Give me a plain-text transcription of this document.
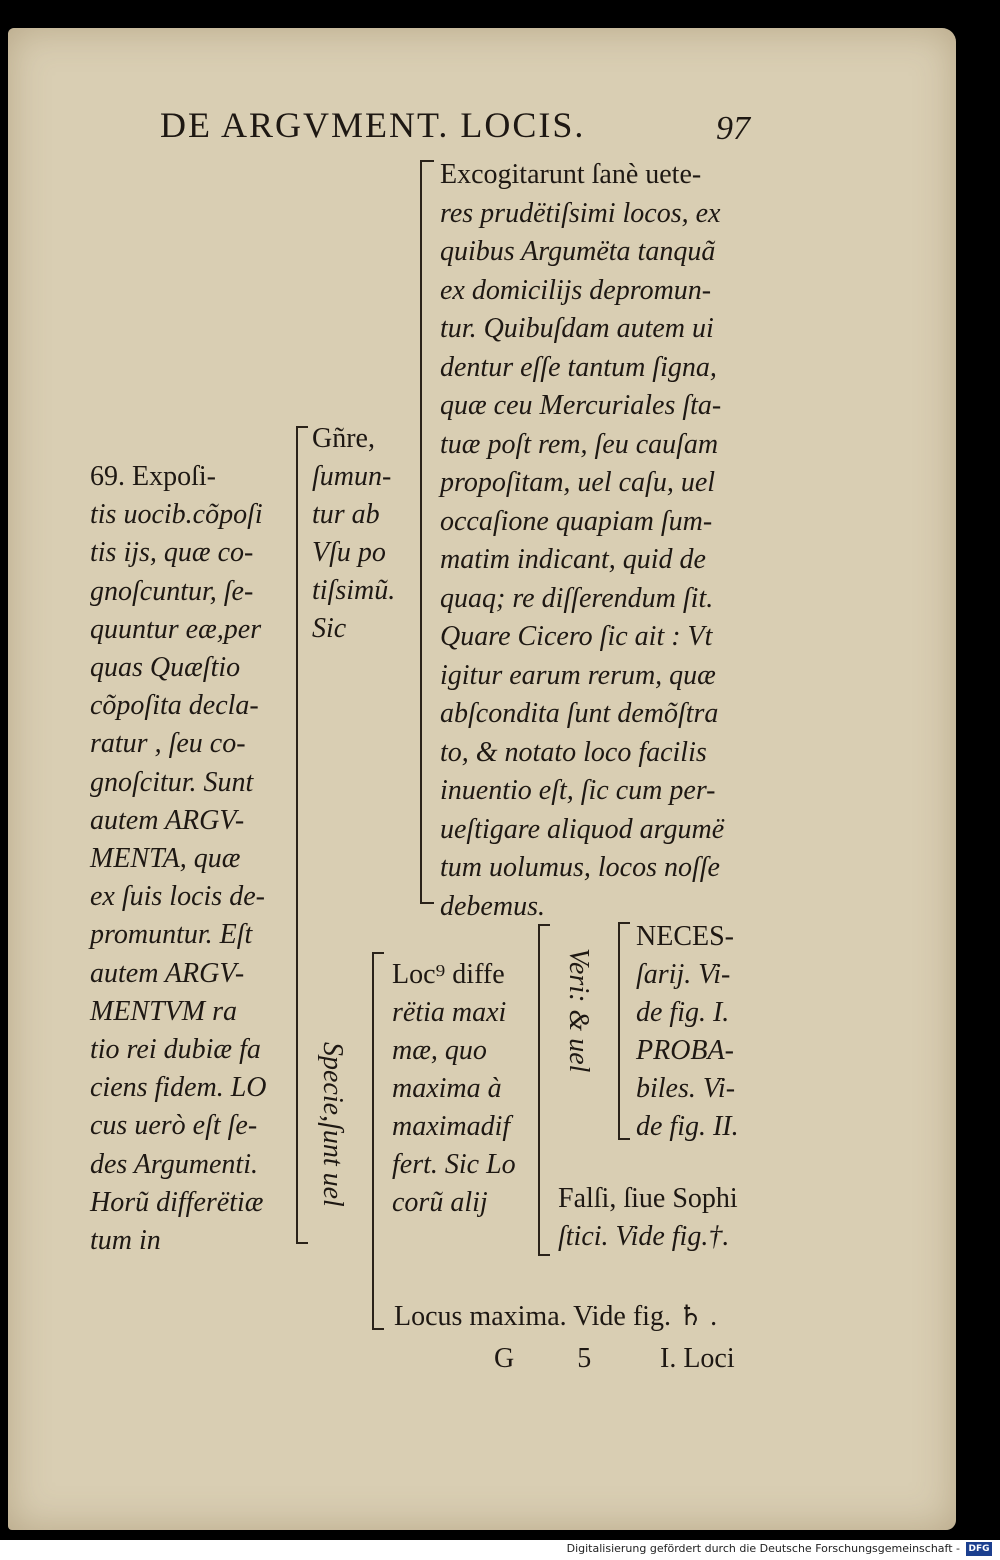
DE ARGVMENT. LOCIS.	97
Excogitarunt ſanè uete-
res prudëtiſsimi locos, ex
quibus Argumëta tanquã
ex domicilijs depromun-
tur. Quibuſdam autem ui
dentur eſſe tantum ſigna,
quæ ceu Mercuriales ſta-
tuæ poſt rem, ſeu cauſam
propoſitam, uel caſu, uel
occaſione quapiam ſum-
matim indicant, quid de
quaq; re diſſerendum ſit.
Quare Cicero ſic ait : Vt
igitur earum rerum, quæ
abſcondita ſunt demõſtra
to, & notato loco facilis
inuentio eſt, ſic cum per-
ueſtigare aliquod argumë
tum uolumus, locos noſſe
debemus.
Gñre,
ſumun-
tur ab
Vſu po
tiſsimũ.
Sic
69. Expoſi-
tis uocib.cõpoſi
tis ijs, quæ co-
gnoſcuntur, ſe-
quuntur eæ,per
quas Quæſtio
cõpoſita decla-
ratur , ſeu co-
gnoſcitur. Sunt
autem ARGV-
MENTA, quæ
ex ſuis locis de-
promuntur. Eſt
autem ARGV-
MENTVM ra
tio rei dubiæ fa
ciens fidem. LO
cus uerò eſt ſe-
des Argumenti.
Horũ differëtiæ
tum in
Loc⁹ diffe
rëtia maxi
mæ, quo
maxima à
maximadif
fert. Sic Lo
corũ alij
NECES-
ſarij. Vi-
de fig. I.
PROBA-
biles. Vi-
de fig. II.
Falſi, ſiue Sophi
ſtici. Vide fig.†.
Specie,ſunt uel
Veri: & uel
Locus maxima. Vide fig. ♄ .
G 5 I. Loci
Digitalisierung gefördert durch die Deutsche Forschungsgemeinschaft - DFG
